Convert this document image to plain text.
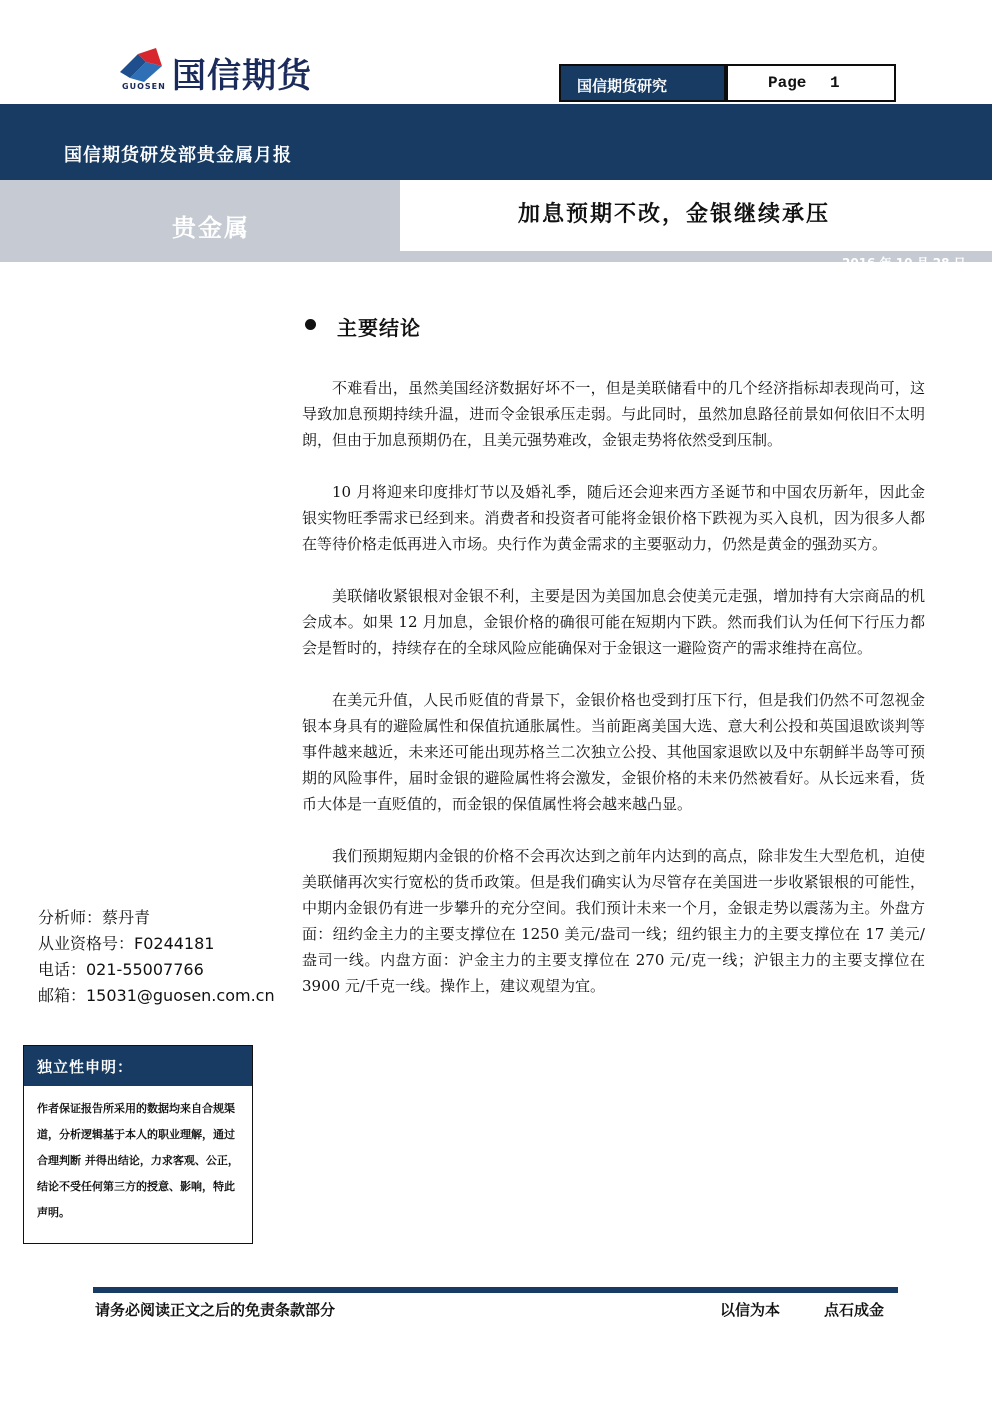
GUOSEN 国信期货	国信期货研究	Page 1
国信期货研发部贵金属月报
贵金属	加息预期不改，金银继续承压
2016 年 10 月 28 日
主要结论

不难看出，虽然美国经济数据好坏不一，但是美联储看中的几个经济指标却表现尚可，这导致加息预期持续升温，进而令金银承压走弱。与此同时，虽然加息路径前景如何依旧不太明朗，但由于加息预期仍在，且美元强势难改，金银走势将依然受到压制。

10 月将迎来印度排灯节以及婚礼季，随后还会迎来西方圣诞节和中国农历新年，因此金银实物旺季需求已经到来。消费者和投资者可能将金银价格下跌视为买入良机，因为很多人都在等待价格走低再进入市场。央行作为黄金需求的主要驱动力，仍然是黄金的强劲买方。

美联储收紧银根对金银不利，主要是因为美国加息会使美元走强，增加持有大宗商品的机会成本。如果 12 月加息，金银价格的确很可能在短期内下跌。然而我们认为任何下行压力都会是暂时的，持续存在的全球风险应能确保对于金银这一避险资产的需求维持在高位。

在美元升值，人民币贬值的背景下，金银价格也受到打压下行，但是我们仍然不可忽视金银本身具有的避险属性和保值抗通胀属性。当前距离美国大选、意大利公投和英国退欧谈判等事件越来越近，未来还可能出现苏格兰二次独立公投、其他国家退欧以及中东朝鲜半岛等可预期的风险事件，届时金银的避险属性将会激发，金银价格的未来仍然被看好。从长远来看，货币大体是一直贬值的，而金银的保值属性将会越来越凸显。

我们预期短期内金银的价格不会再次达到之前年内达到的高点，除非发生大型危机，迫使美联储再次实行宽松的货币政策。但是我们确实认为尽管存在美国进一步收紧银根的可能性，中期内金银仍有进一步攀升的充分空间。我们预计未来一个月，金银走势以震荡为主。外盘方面：纽约金主力的主要支撑位在 1250 美元/盎司一线；纽约银主力的主要支撑位在 17 美元/盎司一线。内盘方面：沪金主力的主要支撑位在 270 元/克一线；沪银主力的主要支撑位在 3900 元/千克一线。操作上，建议观望为宜。

分析师：蔡丹青
从业资格号：F0244181
电话：021-55007766
邮箱：15031@guosen.com.cn
独立性申明：
作者保证报告所采用的数据均来自合规渠道，分析逻辑基于本人的职业理解，通过合理判断 并得出结论，力求客观、公正，结论不受任何第三方的授意、影响，特此声明。
请务必阅读正文之后的免责条款部分	以信为本	点石成金
